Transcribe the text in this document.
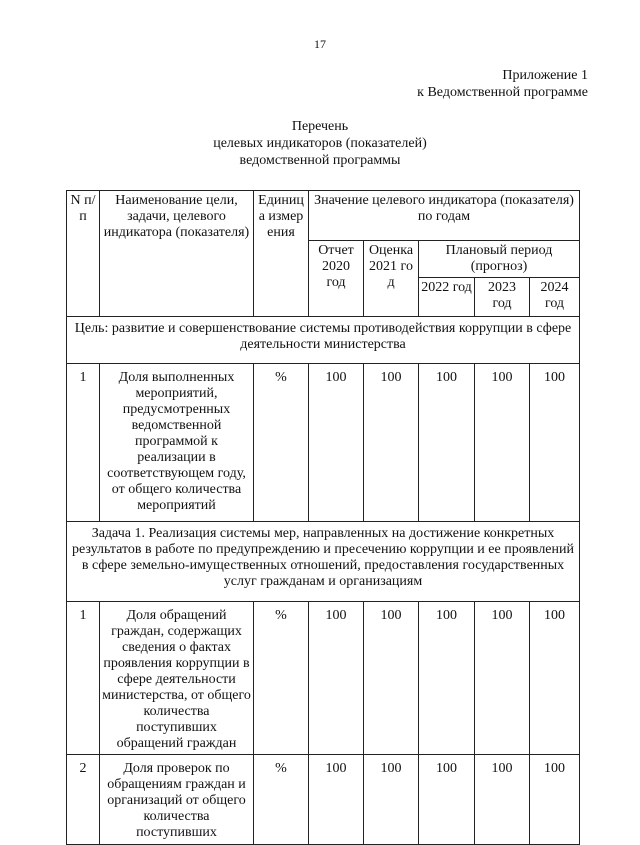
17
Приложение 1
к Ведомственной программе
Перечень
целевых индикаторов (показателей)
ведомственной программы
N п/п	Наименование цели, задачи, целевого индикатора (показателя)	Единица измерения	Значение целевого индикатора (показателя) по годам				
			Отчет 2020 год	Оценка 2021 год	Плановый период (прогноз)		
					2022 год	2023 год	2024 год
Цель: развитие и совершенствование системы противодействия коррупции в сфере деятельности министерства							
1	Доля выполненных мероприятий, предусмотренных ведомственной программой к реализации в соответствующем году, от общего количества мероприятий	%	100	100	100	100	100
Задача 1. Реализация системы мер, направленных на достижение конкретных результатов в работе по предупреждению и пресечению коррупции и ее проявлений в сфере земельно-имущественных отношений, предоставления государственных услуг гражданам и организациям							
1	Доля обращений граждан, содержащих сведения о фактах проявления коррупции в сфере деятельности министерства, от общего количества поступивших обращений граждан	%	100	100	100	100	100
2	Доля проверок по обращениям граждан и организаций от общего количества поступивших	%	100	100	100	100	100
